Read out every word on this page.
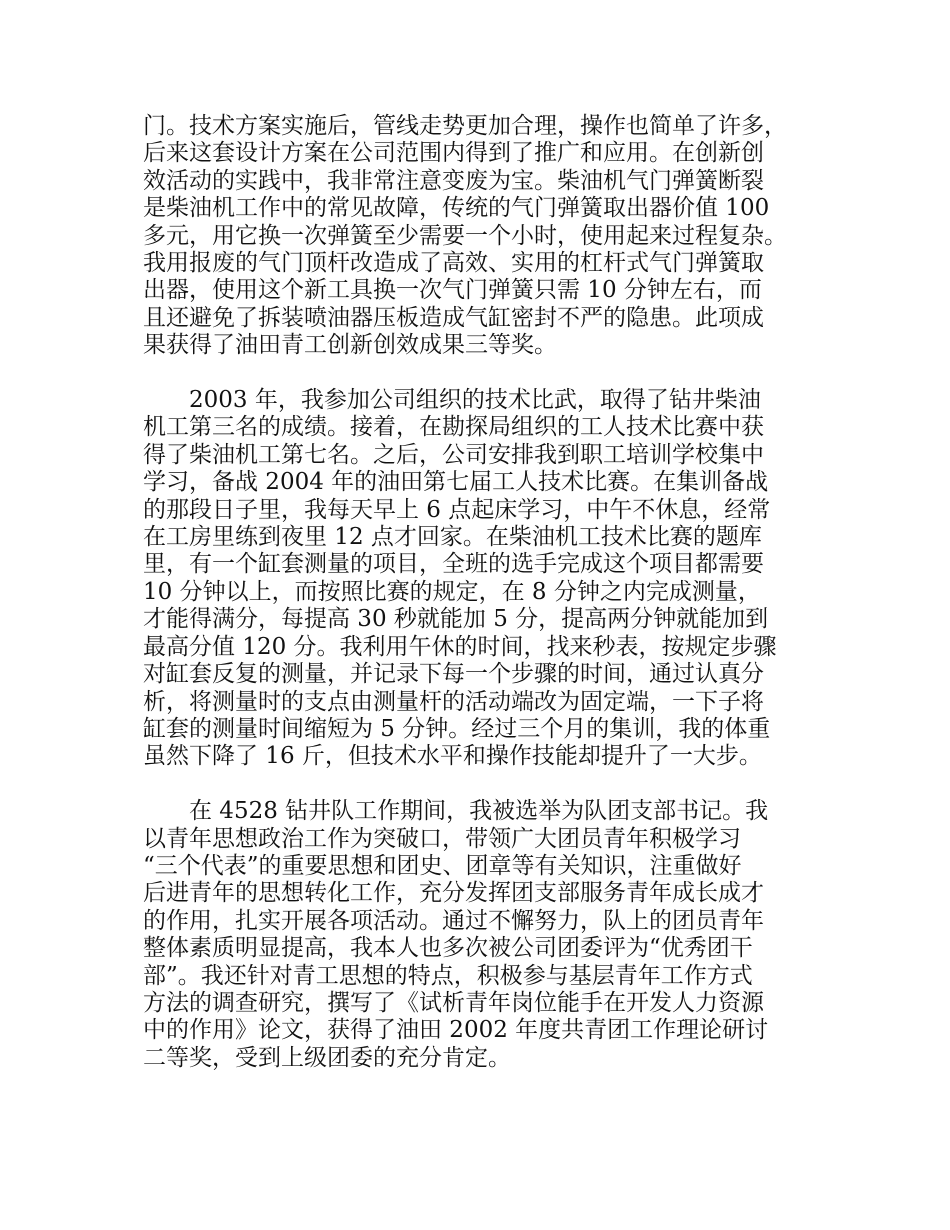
门。技术方案实施后，管线走势更加合理，操作也简单了许多，
后来这套设计方案在公司范围内得到了推广和应用。在创新创
效活动的实践中，我非常注意变废为宝。柴油机气门弹簧断裂
是柴油机工作中的常见故障，传统的气门弹簧取出器价值 100
多元，用它换一次弹簧至少需要一个小时，使用起来过程复杂。
我用报废的气门顶杆改造成了高效、实用的杠杆式气门弹簧取
出器，使用这个新工具换一次气门弹簧只需 10 分钟左右，而
且还避免了拆装喷油器压板造成气缸密封不严的隐患。此项成
果获得了油田青工创新创效成果三等奖。
2003 年，我参加公司组织的技术比武，取得了钻井柴油
机工第三名的成绩。接着，在勘探局组织的工人技术比赛中获
得了柴油机工第七名。之后，公司安排我到职工培训学校集中
学习，备战 2004 年的油田第七届工人技术比赛。在集训备战
的那段日子里，我每天早上 6 点起床学习，中午不休息，经常
在工房里练到夜里 12 点才回家。在柴油机工技术比赛的题库
里，有一个缸套测量的项目，全班的选手完成这个项目都需要
10 分钟以上，而按照比赛的规定，在 8 分钟之内完成测量，
才能得满分，每提高 30 秒就能加 5 分，提高两分钟就能加到
最高分值 120 分。我利用午休的时间，找来秒表，按规定步骤
对缸套反复的测量，并记录下每一个步骤的时间，通过认真分
析，将测量时的支点由测量杆的活动端改为固定端，一下子将
缸套的测量时间缩短为 5 分钟。经过三个月的集训，我的体重
虽然下降了 16 斤，但技术水平和操作技能却提升了一大步。
在 4528 钻井队工作期间，我被选举为队团支部书记。我
以青年思想政治工作为突破口，带领广大团员青年积极学习
“三个代表”的重要思想和团史、团章等有关知识，注重做好
后进青年的思想转化工作，充分发挥团支部服务青年成长成才
的作用，扎实开展各项活动。通过不懈努力，队上的团员青年
整体素质明显提高，我本人也多次被公司团委评为“优秀团干
部”。我还针对青工思想的特点，积极参与基层青年工作方式
方法的调查研究，撰写了《试析青年岗位能手在开发人力资源
中的作用》论文，获得了油田 2002 年度共青团工作理论研讨
二等奖，受到上级团委的充分肯定。
